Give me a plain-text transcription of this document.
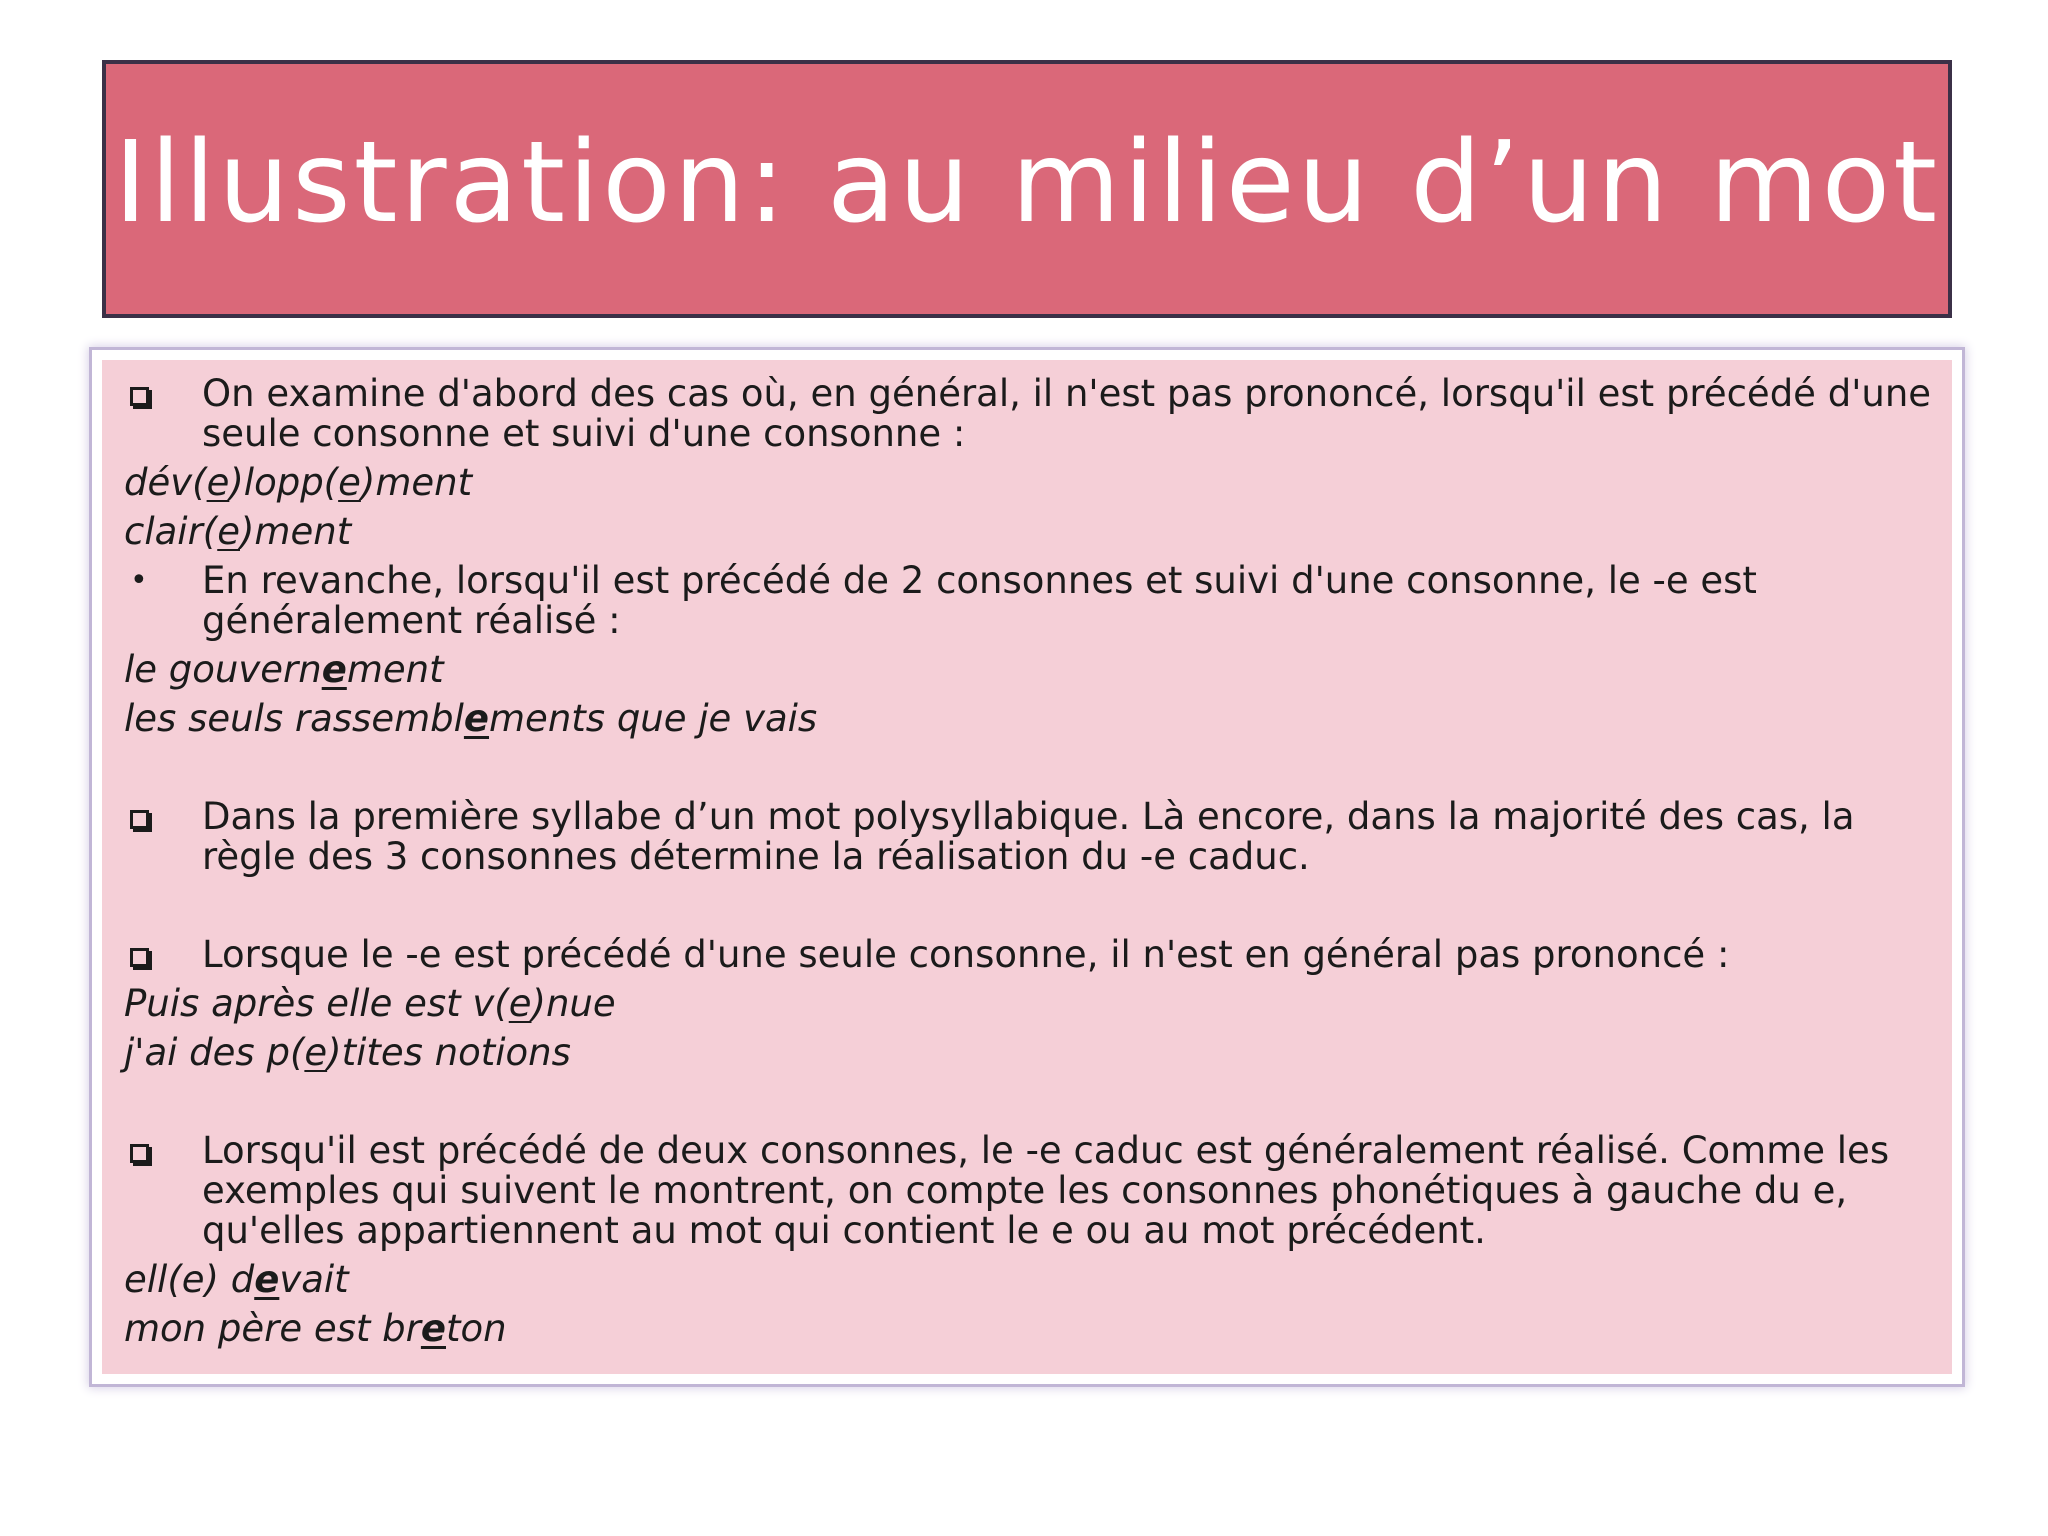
Illustration: au milieu d’un mot
On examine d'abord des cas où, en général, il n'est pas prononcé, lorsqu'il est précédé d'une seule consonne et suivi d'une consonne :
dév(e)lopp(e)ment
clair(e)ment
•	En revanche, lorsqu'il est précédé de 2 consonnes et suivi d'une consonne, le -e est généralement réalisé :
le gouvernement
les seuls rassemblements que je vais
Dans la première syllabe d’un mot polysyllabique. Là encore, dans la majorité des cas, la règle des 3 consonnes détermine la réalisation du -e caduc.
Lorsque le -e est précédé d'une seule consonne, il n'est en général pas prononcé :
Puis après elle est v(e)nue
j'ai des p(e)tites notions
Lorsqu'il est précédé de deux consonnes, le -e caduc est généralement réalisé. Comme les exemples qui suivent le montrent, on compte les consonnes phonétiques à gauche du e, qu'elles appartiennent au mot qui contient le e ou au mot précédent.
ell(e) devait
mon père est breton
